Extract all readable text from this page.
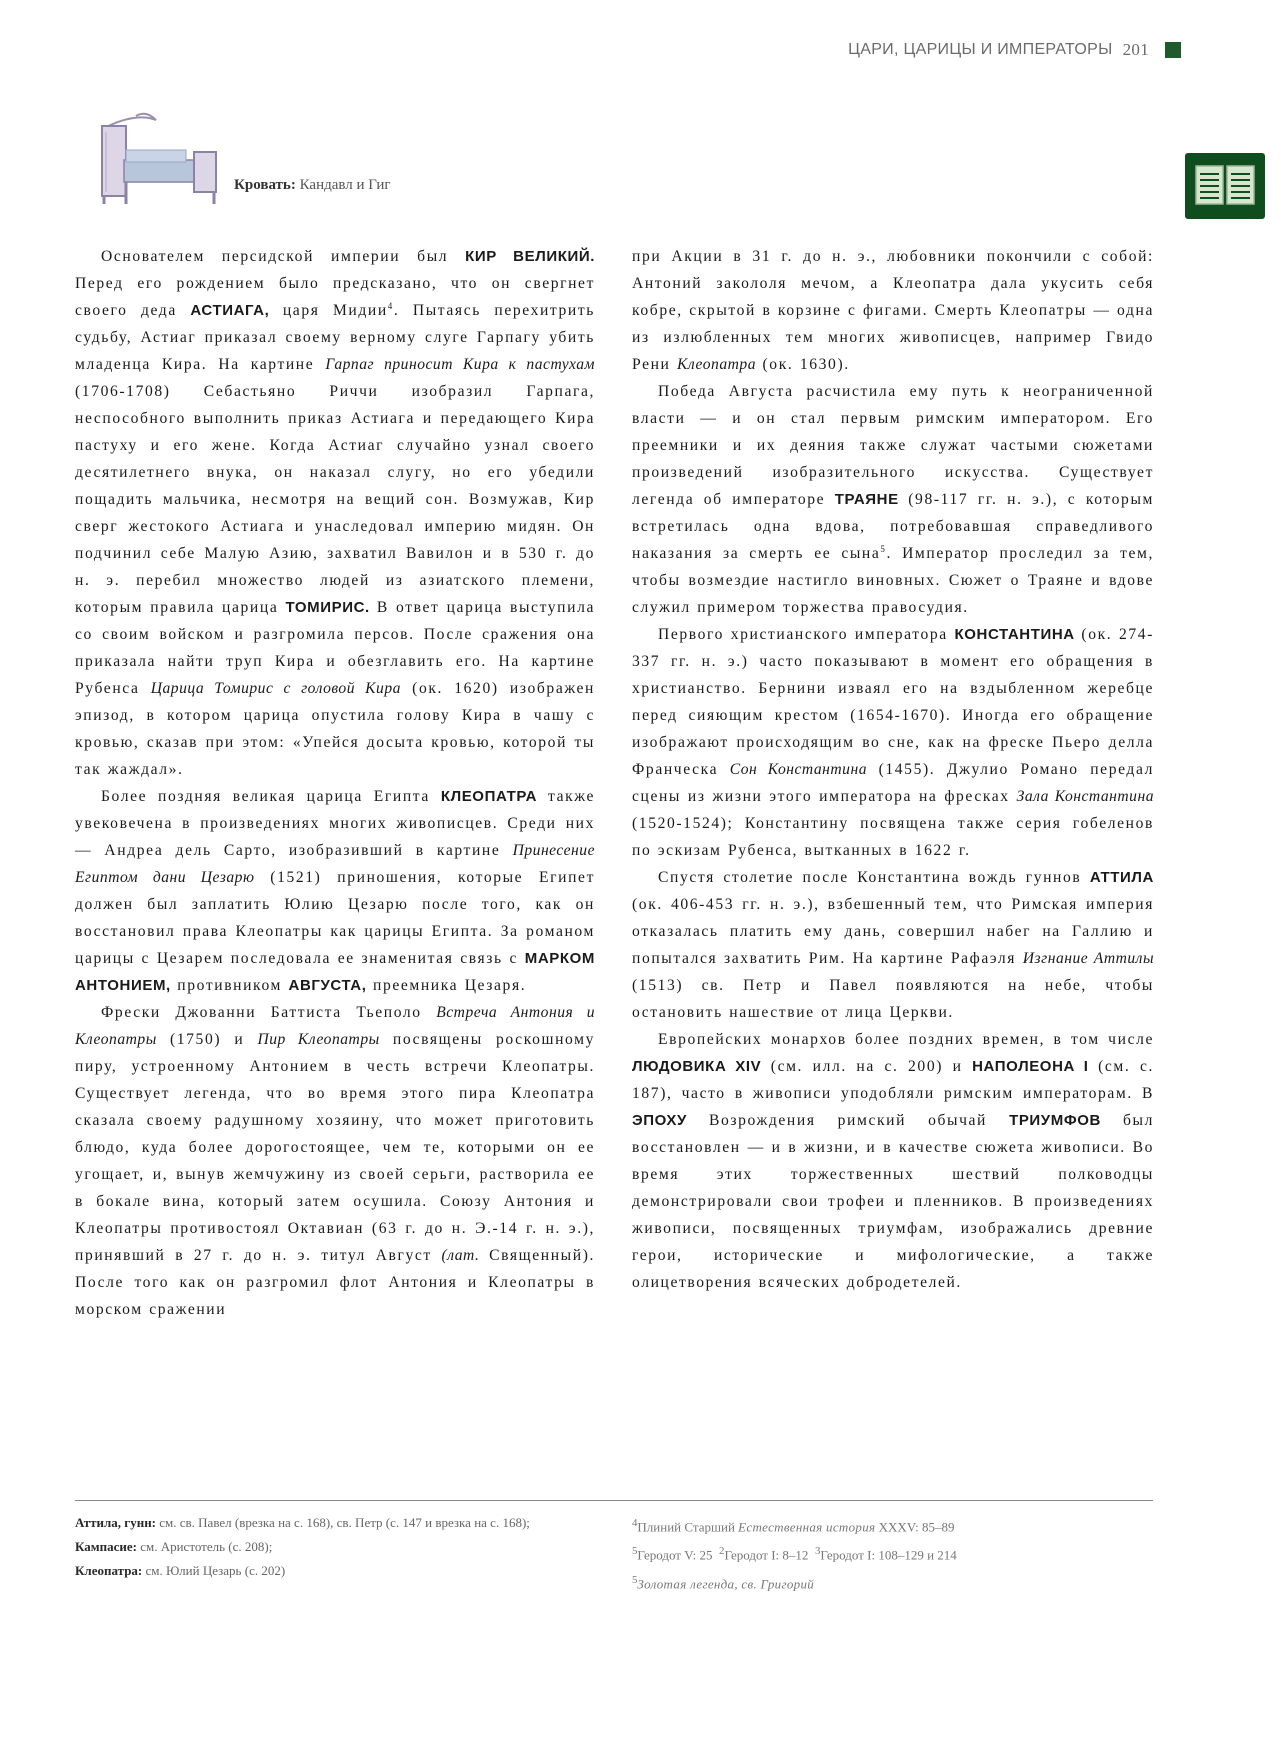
ЦАРИ, ЦАРИЦЫ И ИМПЕРАТОРЫ 201
Кровать: Кандавл и Гиг

Основателем персидской империи был КИР ВЕЛИКИЙ. Перед его рождением было предсказано, что он свергнет своего деда АСТИАГА, царя Мидии$^4$. Пытаясь перехитрить судьбу, Астиаг приказал своему верному слуге Гарпагу убить младенца Кира. На картине Гарпаг приносит Кира к пастухам (1706-1708) Себастьяно Риччи изобразил Гарпага, неспособного выполнить приказ Астиага и передающего Кира пастуху и его жене. Когда Астиаг случайно узнал своего десятилетнего внука, он наказал слугу, но его убедили пощадить мальчика, несмотря на вещий сон. Возмужав, Кир сверг жестокого Астиага и унаследовал империю мидян. Он подчинил себе Малую Азию, захватил Вавилон и в 530 г. до н. э. перебил множество людей из азиатского племени, которым правила царица ТОМИРИС. В ответ царица выступила со своим войском и разгромила персов. После сражения она приказала найти труп Кира и обезглавить его. На картине Рубенса Царица Томирис с головой Кира (ок. 1620) изображен эпизод, в котором царица опустила голову Кира в чашу с кровью, сказав при этом: «Упейся досыта кровью, которой ты так жаждал».

Более поздняя великая царица Египта КЛЕОПАТРА также увековечена в произведениях многих живописцев. Среди них — Андреа дель Сарто, изобразивший в картине Принесение Египтом дани Цезарю (1521) приношения, которые Египет должен был заплатить Юлию Цезарю после того, как он восстановил права Клеопатры как царицы Египта. За романом царицы с Цезарем последовала ее знаменитая связь с МАРКОМ АНТОНИЕМ, противником АВГУСТА, преемника Цезаря.

Фрески Джованни Баттиста Тьеполо Встреча Антония и Клеопатры (1750) и Пир Клеопатры посвящены роскошному пиру, устроенному Антонием в честь встречи Клеопатры. Существует легенда, что во время этого пира Клеопатра сказала своему радушному хозяину, что может приготовить блюдо, куда более дорогостоящее, чем те, которыми он ее угощает, и, вынув жемчужину из своей серьги, растворила ее в бокале вина, который затем осушила. Союзу Антония и Клеопатры противостоял Октавиан (63 г. до н. Э.-14 г. н. э.), принявший в 27 г. до н. э. титул Август (лат. Священный). После того как он разгромил флот Антония и Клеопатры в морском сражении

при Акции в 31 г. до н. э., любовники покончили с собой: Антоний закололя мечом, а Клеопатра дала укусить себя кобре, скрытой в корзине с фигами. Смерть Клеопатры — одна из излюбленных тем многих живописцев, например Гвидо Рени Клеопатра (ок. 1630).

Победа Августа расчистила ему путь к неограниченной власти — и он стал первым римским императором. Его преемники и их деяния также служат частыми сюжетами произведений изобразительного искусства. Существует легенда об императоре ТРАЯНЕ (98-117 гг. н. э.), с которым встретилась одна вдова, потребовавшая справедливого наказания за смерть ее сына$^5$. Император проследил за тем, чтобы возмездие настигло виновных. Сюжет о Траяне и вдове служил примером торжества правосудия.

Первого христианского императора КОНСТАНТИНА (ок. 274-337 гг. н. э.) часто показывают в момент его обращения в христианство. Бернини изваял его на вздыбленном жеребце перед сияющим крестом (1654-1670). Иногда его обращение изображают происходящим во сне, как на фреске Пьеро делла Франческа Сон Константина (1455). Джулио Романо передал сцены из жизни этого императора на фресках Зала Константина (1520-1524); Константину посвящена также серия гобеленов по эскизам Рубенса, вытканных в 1622 г.

Спустя столетие после Константина вождь гуннов АТТИЛА (ок. 406-453 гг. н. э.), взбешенный тем, что Римская империя отказалась платить ему дань, совершил набег на Галлию и попытался захватить Рим. На картине Рафаэля Изгнание Аттилы (1513) св. Петр и Павел появляются на небе, чтобы остановить нашествие от лица Церкви.

Европейских монархов более поздних времен, в том числе ЛЮДОВИКА XIV (см. илл. на с. 200) и НАПОЛЕОНА I (см. с. 187), часто в живописи уподобляли римским императорам. В ЭПОХУ Возрождения римский обычай ТРИУМФОВ был восстановлен — и в жизни, и в качестве сюжета живописи. Во время этих торжественных шествий полководцы демонстрировали свои трофеи и пленников. В произведениях живописи, посвященных триумфам, изображались древние герои, исторические и мифологические, а также олицетворения всяческих добродетелей.

Аттила, гунн: см. св. Павел (врезка на с. 168), св. Петр (с. 147 и врезка на с. 168); Кампасие: см. Аристотель (с. 208);
Клеопатра: см. Юлий Цезарь (с. 202)
$^4$Плиний Старший Естественная история XXXV: 85–89
$^5$Геродот V: 25 $^2$Геродот I: 8–12 $^3$Геродот I: 108–129 и 214
$^5$Золотая легенда, св. Григорий
